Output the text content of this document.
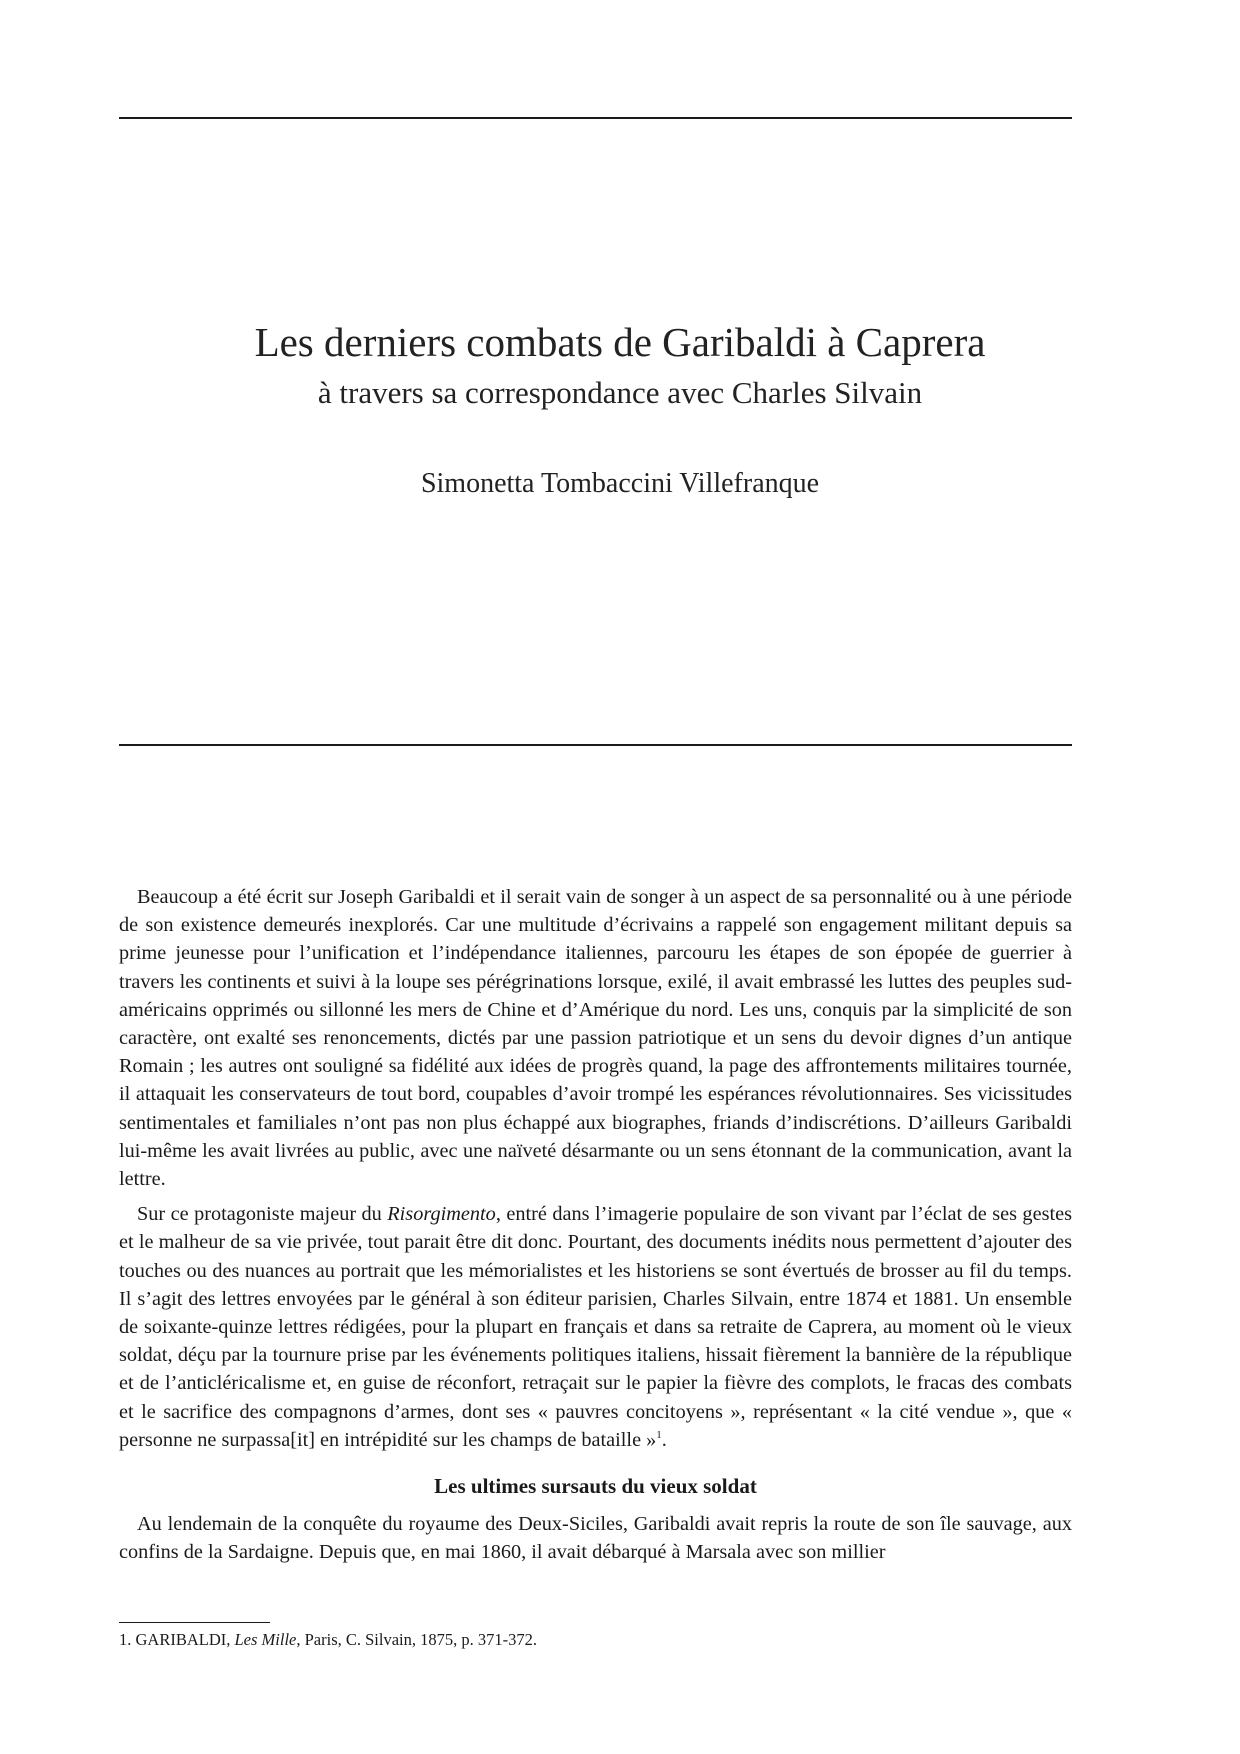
Les derniers combats de Garibaldi à Caprera
à travers sa correspondance avec Charles Silvain
Simonetta Tombaccini Villefranque

Beaucoup a été écrit sur Joseph Garibaldi et il serait vain de songer à un aspect de sa personnalité ou à une période de son existence demeurés inexplorés. Car une multitude d’écrivains a rappelé son engagement militant depuis sa prime jeunesse pour l’unification et l’indépendance italiennes, parcouru les étapes de son épopée de guerrier à travers les continents et suivi à la loupe ses pérégrinations lorsque, exilé, il avait embrassé les luttes des peuples sud-américains opprimés ou sillonné les mers de Chine et d’Amérique du nord. Les uns, conquis par la simplicité de son caractère, ont exalté ses renoncements, dictés par une passion patriotique et un sens du devoir dignes d’un antique Romain ; les autres ont souligné sa fidélité aux idées de progrès quand, la page des affrontements militaires tournée, il attaquait les conservateurs de tout bord, coupables d’avoir trompé les espérances révolutionnaires. Ses vicissitudes sentimentales et familiales n’ont pas non plus échappé aux biographes, friands d’indiscrétions. D’ailleurs Garibaldi lui-même les avait livrées au public, avec une naïveté désarmante ou un sens étonnant de la communication, avant la lettre.

Sur ce protagoniste majeur du Risorgimento, entré dans l’imagerie populaire de son vivant par l’éclat de ses gestes et le malheur de sa vie privée, tout parait être dit donc. Pourtant, des documents inédits nous permettent d’ajouter des touches ou des nuances au portrait que les mémorialistes et les historiens se sont évertués de brosser au fil du temps. Il s’agit des lettres envoyées par le général à son éditeur parisien, Charles Silvain, entre 1874 et 1881. Un ensemble de soixante-quinze lettres rédigées, pour la plupart en français et dans sa retraite de Caprera, au moment où le vieux soldat, déçu par la tournure prise par les événements politiques italiens, hissait fièrement la bannière de la république et de l’anticléricalisme et, en guise de réconfort, retraçait sur le papier la fièvre des complots, le fracas des combats et le sacrifice des compagnons d’armes, dont ses « pauvres concitoyens », représentant « la cité vendue », que « personne ne surpassa[it] en intrépidité sur les champs de bataille »$^1$.

Les ultimes sursauts du vieux soldat

Au lendemain de la conquête du royaume des Deux-Siciles, Garibaldi avait repris la route de son île sauvage, aux confins de la Sardaigne. Depuis que, en mai 1860, il avait débarqué à Marsala avec son millier

1. GARIBALDI, Les Mille, Paris, C. Silvain, 1875, p. 371-372.
